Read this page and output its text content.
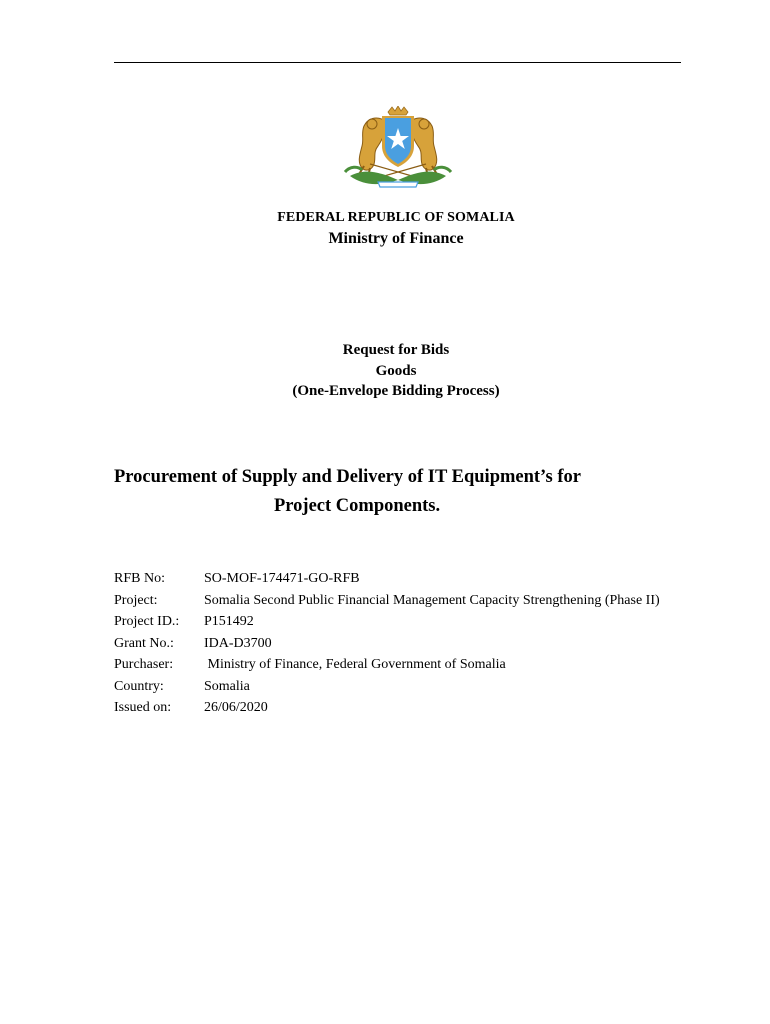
FEDERAL REPUBLIC OF SOMALIA
Ministry of Finance
Request for Bids
Goods
(One-Envelope Bidding Process)
Procurement of Supply and Delivery of IT Equipment’s for
Project Components.
RFB No:	SO-MOF-174471-GO-RFB
Project:	Somalia Second Public Financial Management Capacity Strengthening (Phase II)
Project ID.:	P151492
Grant No.:	IDA-D3700
Purchaser:	Ministry of Finance, Federal Government of Somalia
Country:	Somalia
Issued on:	26/06/2020
